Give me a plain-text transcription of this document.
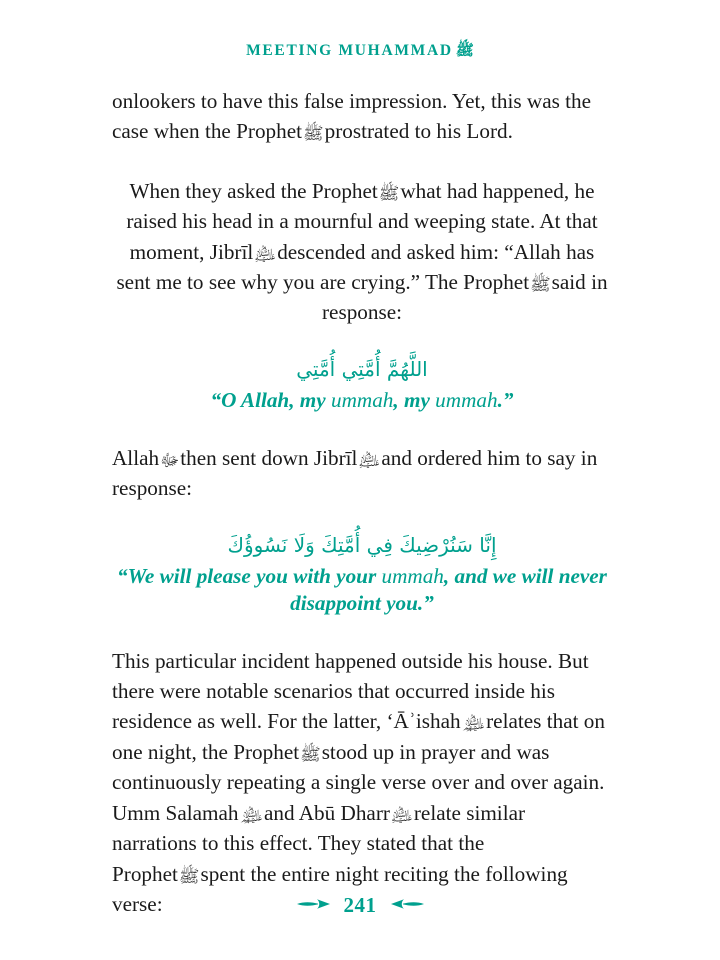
MEETING MUHAMMAD ﷺ

onlookers to have this false impression. Yet, this was the case when the Prophetﷺprostrated to his Lord.

When they asked the Prophetﷺwhat had happened, he raised his head in a mournful and weeping state. At that moment, Jibrīl﵇descended and asked him: “Allah has sent me to see why you are crying.” The Prophetﷺsaid in response:

اللَّهُمَّ أُمَّتِي أُمَّتِي
“O Allah, my ummah, my ummah.”

Allahﷻthen sent down Jibrīl﵇and ordered him to say in response:

إِنَّا سَنُرْضِيكَ فِي أُمَّتِكَ وَلَا نَسُوؤُكَ
“We will please you with your ummah, and we will never disappoint you.”

This particular incident happened outside his house. But there were notable scenarios that occurred inside his residence as well. For the latter, ʻĀʾishah﵈relates that on one night, the Prophetﷺstood up in prayer and was continuously repeating a single verse over and over again. Umm Salamah﵈and Abū Dharr﵇relate similar narrations to this effect. They stated that the Prophetﷺspent the entire night reciting the following verse:	241
